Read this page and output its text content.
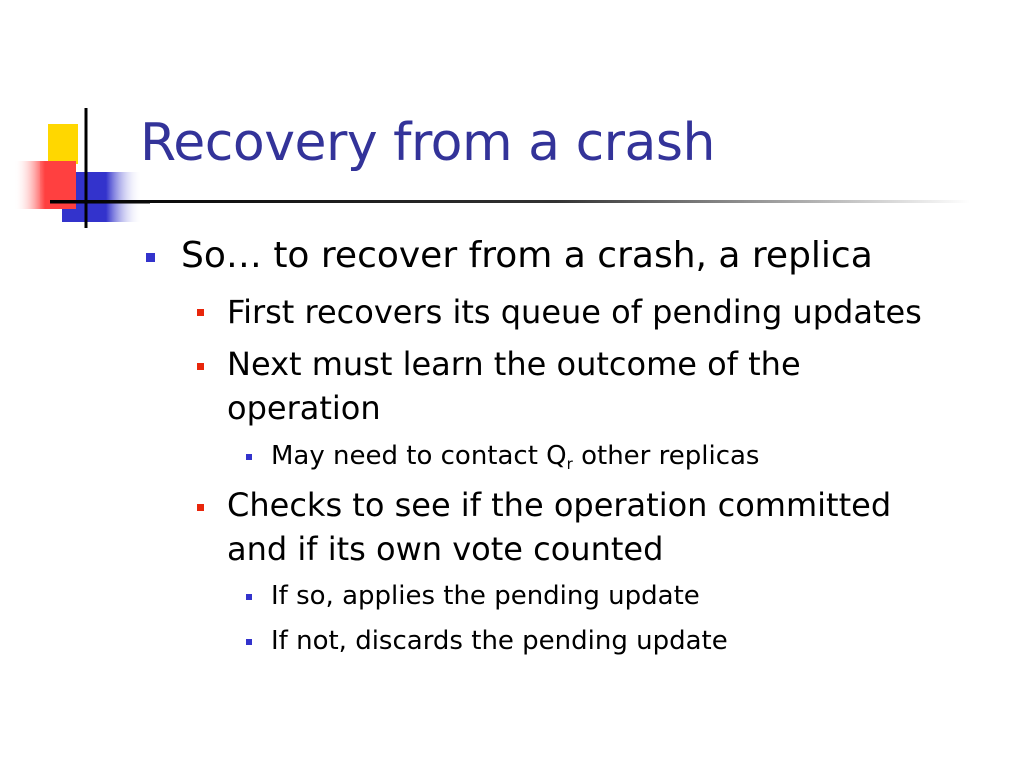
Recovery from a crash
So… to recover from a crash, a replica
First recovers its queue of pending updates
Next must learn the outcome of the
operation
May need to contact $Q_r$ other replicas
Checks to see if the operation committed
and if its own vote counted
If so, applies the pending update
If not, discards the pending update
